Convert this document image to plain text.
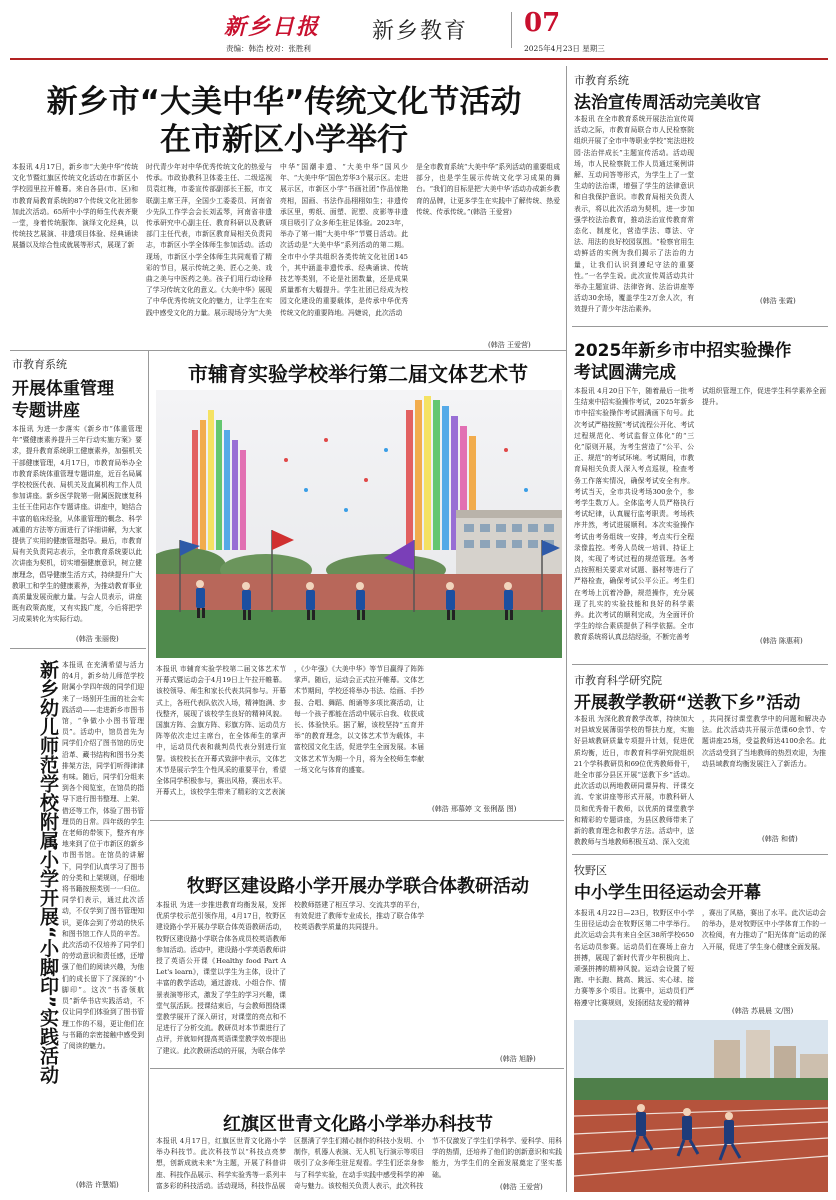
新乡日报
责编：韩浩 校对：张胜利
新乡教育 07
2025年4月23日 星期三
新乡市“大美中华”传统文化节活动
在市新区小学举行
本报讯 4月17日，新乡市“大美中华”传统文化节暨红旗区传统文化活动在市新区小学校园里拉开帷幕。来自各县(市、区)和市教育局教育系统的87个传统文化社团参加此次活动。65所中小学的师生代表齐聚一堂，身着传统服饰、演绎文化经典，以传统技艺展演、非遗项目体验、经典诵读展播以及综合性成就展等形式，展现了新
时代青少年对中华优秀传统文化的热爱与传承。市政协教科卫体委主任、二级巡视员袁红梅，市委宣传部副部长王振，市文联副主席王萍，全国少工委委员、河南省少先队工作学会会长刘孟琴，河南省非遗传承研究中心副主任、教育科研以及教研部门主任代表，市新区教育局相关负责同志，市新区小学全体师生参加活动。活动现场，市新区小学全体师生共同观看了精彩的节目，展示传统之美、匠心之美、戏曲之美与中医药之美。孩子们用行动诠释了学习传统文化的意义。《大美中华》展现了中华优秀传统文化的魅力，让学生在实践中感受文化的力量。展示现场分为“大美
中华”国潮非遗、“大美中华”国风少年、“大美中华”国色芳华3个展示区。走进展示区，市新区小学“书画社团”作品惊艳亮相，国画、书法作品栩栩如生；非遗传承区里，剪纸、面塑、泥塑、皮影等非遗项目吸引了众多师生驻足体验。2023年，举办了第一期“大美中华”节暨日活动。此次活动是“大美中华”系列活动的第二期。全市中小学共组织各类传统文化社团145个，其中涵盖非遗传承、经典诵读、传统技艺等类别，不论是社团数量，还是成果质量都有大幅提升。学生社团已经成为校园文化建设的重要载体，是传承中华优秀传统文化的重要阵地。冯婕说，此次活动
是全市教育系统“大美中华”系列活动的重要组成部分，也是学生展示传统文化学习成果的舞台。“我们的目标是把‘大美中华’活动办成新乡教育的品牌，让更多学生在实践中了解传统、热爱传统、传承传统。”(韩浩 王爱营)
(韩浩 王爱营)
市教育系统
法治宣传周活动完美收官
本报讯 在全市教育系统开展法治宣传周活动之际，市教育局联合市人民检察院组织开展了全市中等职业学校“宪法进校园·法治伴成长”主题宣传活动。活动现场，市人民检察院工作人员通过案例讲解、互动问答等形式，为学生上了一堂生动的法治课，增强了学生的法律意识和自我保护意识。市教育局相关负责人表示，将以此次活动为契机，进一步加强学校法治教育，推动法治宣传教育常态化、制度化，营造学法、尊法、守法、用法的良好校园氛围。“检察官用生动鲜活的实例为我们揭示了法治的力量，让我们认识到遵纪守法的重要性。”一名学生说。此次宣传周活动共计举办主题宣讲、法律咨询、法治讲座等活动30余场，覆盖学生2万余人次，有效提升了青少年法治素养。
(韩浩 张霞)
2025年新乡市中招实验操作
考试圆满完成
本报讯 4月20日下午，随着最后一批考生结束中招实验操作考试，2025年新乡市中招实验操作考试圆满画下句号。此次考试严格按照“考试流程公开化、考试过程规范化、考试监督立体化”的“三化”原则开展，为考生营造了“公平、公正、规范”的考试环境。考试期间，市教育局相关负责人深入考点巡视，检查考务工作落实情况，确保考试安全有序。考试当天，全市共设考场300余个，参考学生数万人。全体监考人员严格执行考试纪律，认真履行监考职责。考场秩序井然，考试进展顺利。本次实验操作考试由考务组统一安排，考点实行全程录像监控。考务人员统一培训、持证上岗，实现了考试过程的规范管理。各考点按照相关要求对试题、器材等进行了严格检查，确保考试公平公正。考生们在考场上沉着冷静，规范操作，充分展现了扎实的实验技能和良好的科学素养。此次考试的顺利完成，为全面评价学生的综合素质提供了科学依据。全市教育系统将认真总结经验，不断完善考
试组织管理工作，促进学生科学素养全面提升。
(韩浩 陈惠莉)
市教育科学研究院
开展教学教研“送教下乡”活动
本报讯 为深化教育教学改革，持续加大对县域发展薄弱学校的帮扶力度，实施好县域教研质量专项提升计划，促进优质均衡，近日，市教育科学研究院组织21个学科教研员和69位优秀教师骨干，赴全市部分县区开展“送教下乡”活动。此次活动以两地教研同课异构、评课交流、专家讲座等形式开展，市教科研人员和优秀骨干教师，以优质的课堂教学和精彩的专题讲座，为县区教师带来了新的教育理念和教学方法。活动中，送教教师与当地教师积极互动、深入交流
，共同探讨课堂教学中的问题和解决办法。此次活动共开展示范课60余节、专题讲座25场，受益教师达4100余名。此次活动受到了当地教师的热烈欢迎，为推动县域教育均衡发展注入了新活力。
(韩浩 和倩)
牧野区
中小学生田径运动会开幕
本报讯 4月22日—23日，牧野区中小学生田径运动会在牧野区第二中学举行。此次运动会共有来自全区38所学校650名运动员参赛。运动员们在赛场上奋力拼搏，展现了新时代青少年积极向上、顽强拼搏的精神风貌。运动会设置了短跑、中长跑、跳高、跳远、实心球、接力赛等多个项目。比赛中，运动员们严格遵守比赛规则，发扬团结友爱的精神
，赛出了风格，赛出了水平。此次运动会的举办，是对牧野区中小学体育工作的一次检阅，有力推动了“阳光体育”运动的深入开展，促进了学生身心健康全面发展。
(韩浩 苏晨晨 文/图)
市教育系统
开展体重管理
专题讲座
本报讯 为进一步落实《新乡市“体重管理年”暨健康素养提升三年行动实施方案》要求，提升教育系统职工健康素养，加强机关干部健康管理，4月17日，市教育局举办全市教育系统体重管理专题讲座，近百名局属学校校医代表、局机关及直属机构工作人员参加讲座。新乡医学院第一附属医院康复科主任王佳同志作专题讲座。讲座中，她结合丰富的临床经验，从体重管理的概念、科学减重的方法等方面进行了详细讲解，为大家提供了实用的健康管理指导。最后，市教育局有关负责同志表示，全市教育系统要以此次讲座为契机，切实增强健康意识，树立健康理念，倡导健康生活方式，持续提升广大教职工和学生的健康素养，为推动教育事业高质量发展贡献力量。与会人员表示，讲座既有政策高度，又有实践广度，今后将把学习成果转化为实际行动。
(韩浩 张丽俊)
新乡幼儿师范学校附属小学开展“小脚印”实践活动 本报讯 在充满希望与活力的4月，新乡幼儿师范学校附属小学四年级的同学们迎来了一场别开生面的社会实践活动——走进新乡市图书馆，“争做小小图书管理员”。活动中，馆员首先为同学们介绍了图书馆的历史沿革、藏书结构和图书分类排架方法，同学们听得津津有味。随后，同学们分组来到各个阅览室，在馆员的指导下进行图书整理、上架、借还等工作，体验了图书管理员的日常。四年级的学生在老师的带领下，整齐有序地来到了位于市新区的新乡市图书馆。在馆员的讲解下，同学们认真学习了图书的分类和上架规则，仔细地将书籍按照类别一一归位。同学们表示，通过此次活动，不仅学到了图书管理知识，更体会到了劳动的快乐和图书馆工作人员的辛苦。此次活动不仅培养了同学们的劳动意识和责任感，还增强了他们的阅读兴趣，为他们的成长留下了深深的“小脚印”。这次“书香领航员”新华书店实践活动，不仅让同学们体验到了图书管理工作的不易，更让他们在与书籍的亲密接触中感受到了阅读的魅力。
(韩浩 许慧娟)
市辅育实验学校举行第二届文体艺术节
本报讯 市辅育实验学校第二届文体艺术节开幕式暨运动会于4月19日上午拉开帷幕。该校领导、师生和家长代表共同参与。开幕式上，各班代表队依次入场，精神饱满、步伐整齐，展现了该校学生良好的精神风貌。国旗方阵、会旗方阵、彩旗方阵、运动员方阵等依次走过主席台，在全体师生的掌声中，运动员代表和裁判员代表分别进行宣誓。该校校长在开幕式致辞中表示，文体艺术节是展示学生个性风采的重要平台，希望全体同学积极参与，赛出风格，赛出水平。开幕式上，该校学生带来了精彩的文艺表演
，《少年强》《大美中华》等节目赢得了阵阵掌声。随后，运动会正式拉开帷幕。文体艺术节期间，学校还将举办书法、绘画、手抄报、合唱、舞蹈、朗诵等多项比赛活动，让每一个孩子都能在活动中展示自我、收获成长、体验快乐。据了解，该校坚持“五育并举”的教育理念，以文体艺术节为载体，丰富校园文化生活，促进学生全面发展。本届文体艺术节为期一个月，将为全校师生奉献一场文化与体育的盛宴。
(韩浩 邢慕婷 文 张俐磊 图)
牧野区建设路小学开展办学联合体教研活动
本报讯 为进一步推进教育均衡发展，发挥优质学校示范引领作用，4月17日，牧野区建设路小学开展办学联合体英语教研活动，牧野区建设路小学联合体各成员校英语教师参加活动。活动中，建设路小学英语教师讲授了英语公开课《Healthy food Part A Let's learn》，课堂以学生为主体，设计了丰富的教学活动，通过游戏、小组合作、情景表演等形式，激发了学生的学习兴趣，课堂气氛活跃。授课结束后，与会教师围绕课堂教学展开了深入研讨，对课堂的亮点和不足进行了分析交流。教研员对本节课进行了点评，并就如何提高英语课堂教学效率提出了建议。此次教研活动的开展，为联合体学
校教师搭建了相互学习、交流共享的平台，有效促进了教师专业成长，推动了联合体学校英语教学质量的共同提升。
(韩浩 旭静)
红旗区世青文化路小学举办科技节
本报讯 4月17日，红旗区世青文化路小学举办科技节。此次科技节以“科技点亮梦想，创新成就未来”为主题，开展了科普讲座、科技作品展示、科学实验秀等一系列丰富多彩的科技活动。活动现场，科技作品展
区摆满了学生们精心制作的科技小发明、小制作，机器人表演、无人机飞行演示等项目吸引了众多师生驻足观看。学生们还亲身参与了科学实验，在动手实践中感受科学的神奇与魅力。该校相关负责人表示，此次科技
节不仅激发了学生们学科学、爱科学、用科学的热情，还培养了他们的创新意识和实践能力，为学生们的全面发展奠定了坚实基础。
(韩浩 王爱营)
